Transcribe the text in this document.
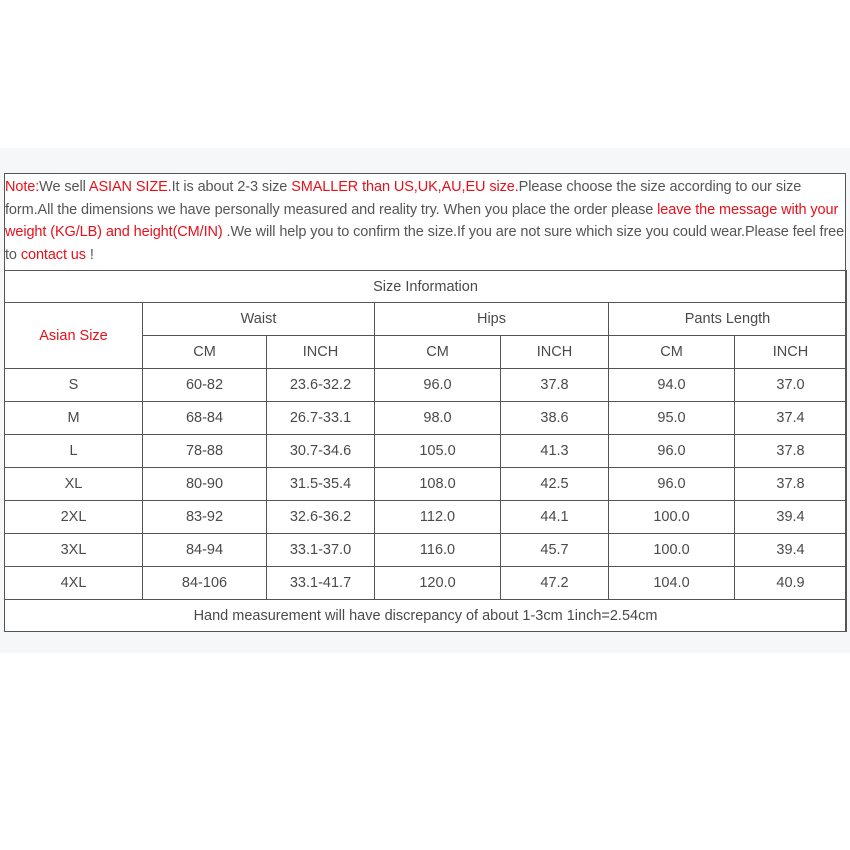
Note:We sell ASIAN SIZE.It is about 2-3 size SMALLER than US,UK,AU,EU size.Please choose the size according to our size form.All the dimensions we have personally measured and reality try. When you place the order please leave the message with your weight (KG/LB) and height(CM/IN) .We will help you to confirm the size.If you are not sure which size you could wear.Please feel free to contact us !
Size Information						
Asian Size	Waist		Hips		Pants Length	
	CM	INCH	CM	INCH	CM	INCH
S	60-82	23.6-32.2	96.0	37.8	94.0	37.0
M	68-84	26.7-33.1	98.0	38.6	95.0	37.4
L	78-88	30.7-34.6	105.0	41.3	96.0	37.8
XL	80-90	31.5-35.4	108.0	42.5	96.0	37.8
2XL	83-92	32.6-36.2	112.0	44.1	100.0	39.4
3XL	84-94	33.1-37.0	116.0	45.7	100.0	39.4
4XL	84-106	33.1-41.7	120.0	47.2	104.0	40.9
Hand measurement will have discrepancy of about 1-3cm 1inch=2.54cm						
